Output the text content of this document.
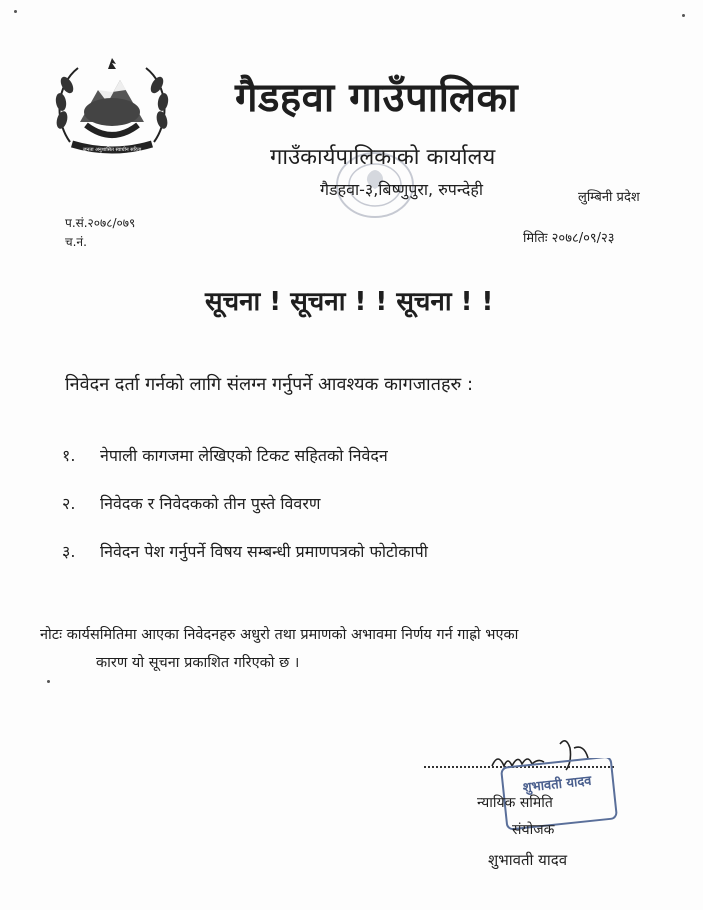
जनता अनुशासित स्वाधीन सरिता
गैडहवा गाउँपालिका
गाउँकार्यपालिकाको कार्यालय
गैडहवा-३,बिष्णुपुरा, रुपन्देही	लुम्बिनी प्रदेश
प.सं.२०७८/०७९
च.नं.	मितिः २०७८/०९/२३
सूचना ! सूचना ! ! सूचना ! !
निवेदन दर्ता गर्नको लागि संलग्न गर्नुपर्ने आवश्यक कागजातहरु :
१. नेपाली कागजमा लेखिएको टिकट सहितको निवेदन
२. निवेदक र निवेदकको तीन पुस्ते विवरण
३. निवेदन पेश गर्नुपर्ने विषय सम्बन्धी प्रमाणपत्रको फोटोकापी
नोटः कार्यसमितिमा आएका निवेदनहरु अधुरो तथा प्रमाणको अभावमा निर्णय गर्न गाह्रो भएका
कारण यो सूचना प्रकाशित गरिएको छ ।
शुभावती यादव
न्यायिक समिति
संयोजक
शुभावती यादव
